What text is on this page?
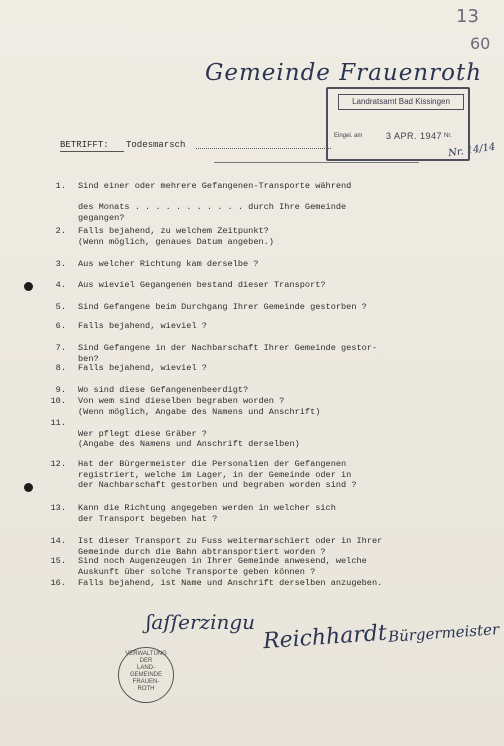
13
60
Gemeinde Frauenroth
Nr. 14/14
Landratsamt Bad Kissingen
Eingel. am	3 APR. 1947 Nr.
BETRIFFT: Todesmarsch
1. Sind einer oder mehrere Gefangenen-Transporte während
des Monats . . . . . . . . . . . durch Ihre Gemeinde
gegangen?
2. Falls bejahend, zu welchem Zeitpunkt?
(Wenn möglich, genaues Datum angeben.)
3. Aus welcher Richtung kam derselbe ?
4. Aus wieviel Gegangenen bestand dieser Transport?
5. Sind Gefangene beim Durchgang Ihrer Gemeinde gestorben ?
6. Falls bejahend, wieviel ?
7. Sind Gefangene in der Nachbarschaft Ihrer Gemeinde gestor-
ben?
8. Falls bejahend, wieviel ?
9. Wo sind diese Gefangenenbeerdigt?
10. Von wem sind dieselben begraben worden ?
(Wenn möglich, Angabe des Namens und Anschrift)
11.
Wer pflegt diese Gräber ?
(Angabe des Namens und Anschrift derselben)
12. Hat der Bürgermeister die Personalien der Gefangenen
registriert, welche im Lager, in der Gemeinde oder in
der Nachbarschaft gestorben und begraben worden sind ?
13. Kann die Richtung angegeben werden in welcher sich
der Transport begeben hat ?
14. Ist dieser Transport zu Fuss weitermarschiert oder in Ihrer
Gemeinde durch die Bahn abtransportiert worden ?
15. Sind noch Augenzeugen in Ihrer Gemeinde anwesend, welche
Auskunft über solche Transporte geben können ?
16. Falls bejahend, ist Name und Anschrift derselben anzugeben.
ʃaſſerzingu Reichhardt Bürgermeister
VERWALTUNG
DER
LAND-
GEMEINDE
FRAUEN-
ROTH
